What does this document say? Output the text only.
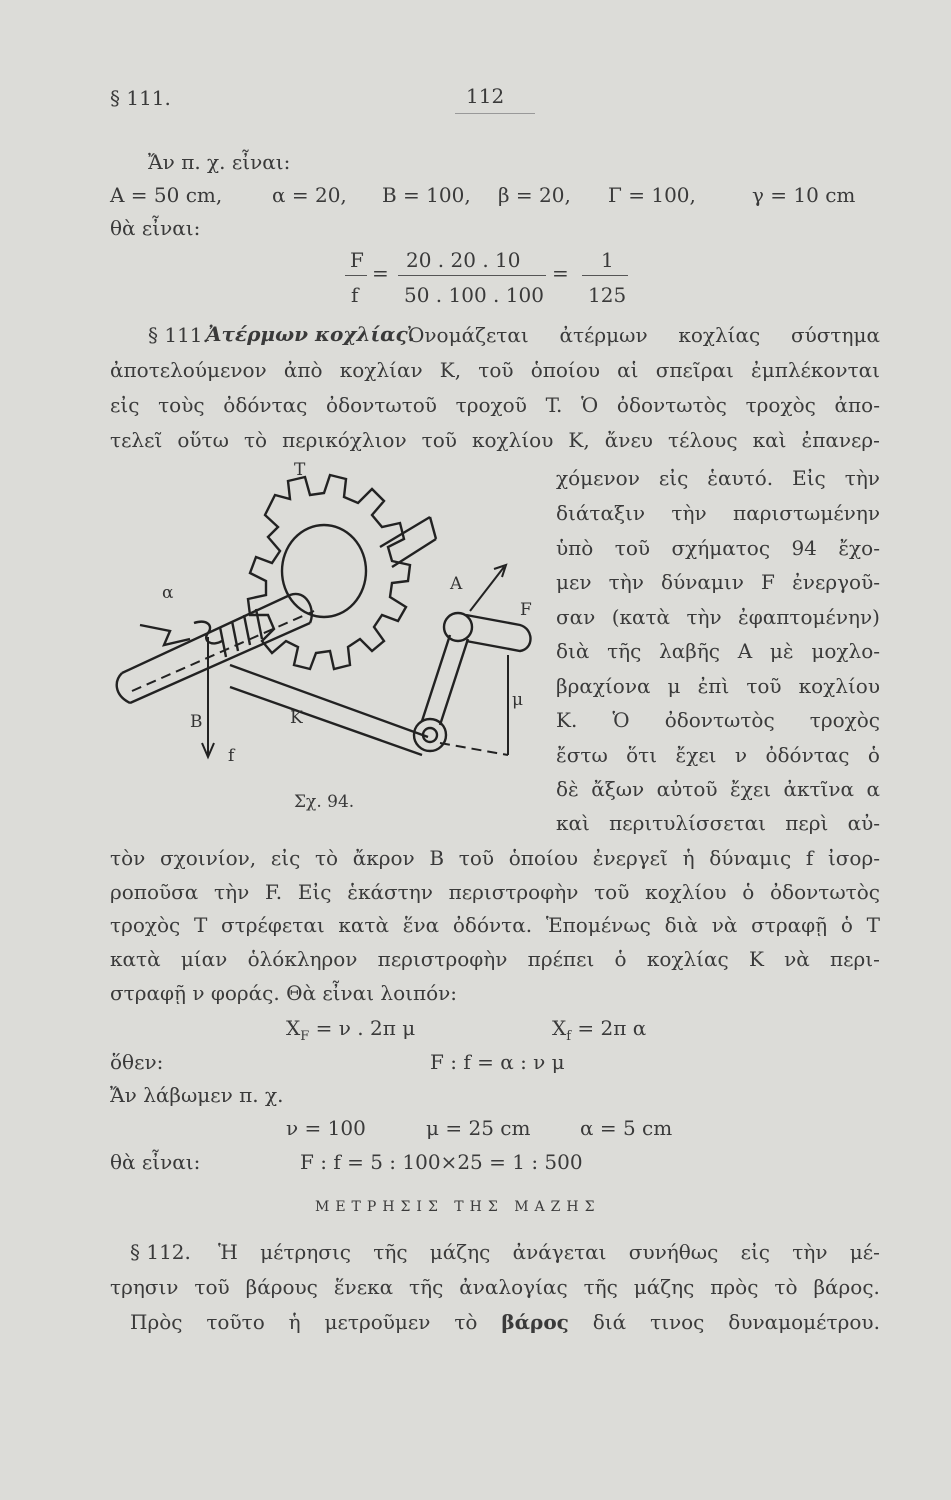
§ 111.	112
Ἄν π. χ. εἶναι:
A = 50 cm, α = 20, B = 100, β = 20, Γ = 100,	γ = 10 cm
θὰ εἶναι:
F
f
=
20 . 20 . 10
50 . 100 . 100
=
1
125
§ 111.
Ἀτέρμων κοχλίας.
Ὀνομάζεται ἀτέρμων κοχλίας σύστημα
ἀποτελούμενον ἀπὸ κοχλίαν K, τοῦ ὁποίου αἱ σπεῖραι ἐμπλέκονται
εἰς τοὺς ὀδόντας ὀδοντωτοῦ τροχοῦ T. Ὁ ὀδοντωτὸς τροχὸς ἀπο-
τελεῖ οὕτω τὸ περικόχλιον τοῦ κοχλίου K, ἄνευ τέλους καὶ ἐπανερ-
χόμενον εἰς ἑαυτό. Εἰς τὴν
διάταξιν τὴν παριστωμένην
ὑπὸ τοῦ σχήματος 94 ἔχο-
μεν τὴν δύναμιν F ἐνεργοῦ-
σαν (κατὰ τὴν ἐφαπτομένην)
διὰ τῆς λαβῆς A μὲ μοχλο-
βραχίονα μ ἐπὶ τοῦ κοχλίου
K. Ὁ ὀδοντωτὸς τροχὸς
ἔστω ὅτι ἔχει ν ὀδόντας ὁ
δὲ ἄξων αὐτοῦ ἔχει ἀκτῖνα α
καὶ περιτυλίσσεται περὶ αὐ-
T
α	A
F
μ
B	K
f
Σχ. 94.
τὸν σχοινίον, εἰς τὸ ἄκρον B τοῦ ὁποίου ἐνεργεῖ ἡ δύναμις f ἰσορ-
ροποῦσα τὴν F. Εἰς ἑκάστην περιστροφὴν τοῦ κοχλίου ὁ ὀδοντωτὸς
τροχὸς T στρέφεται κατὰ ἕνα ὀδόντα. Ἑπομένως διὰ νὰ στραφῇ ὁ T
κατὰ μίαν ὁλόκληρον περιστροφὴν πρέπει ὁ κοχλίας K νὰ περι-
στραφῇ ν φοράς. Θὰ εἶναι λοιπόν:
$X_F = \nu$ . 2π μ	$X_f = 2\pi$ α
ὅθεν:	F : f = α : ν μ
Ἄν λάβωμεν π. χ.
ν = 100	μ = 25 cm α = 5 cm
θὰ εἶναι:	F : f = 5 : 100×25 = 1 : 500
ΜΕΤΡΗΣΙΣ ΤΗΣ ΜΑΖΗΣ
§ 112. Ἡ μέτρησις τῆς μάζης ἀνάγεται συνήθως εἰς τὴν μέ-
τρησιν τοῦ βάρους ἕνεκα τῆς ἀναλογίας τῆς μάζης πρὸς τὸ βάρος.
Πρὸς τοῦτο ἡ μετροῦμεν τὸ βάρος διά τινος δυναμομέτρου.
